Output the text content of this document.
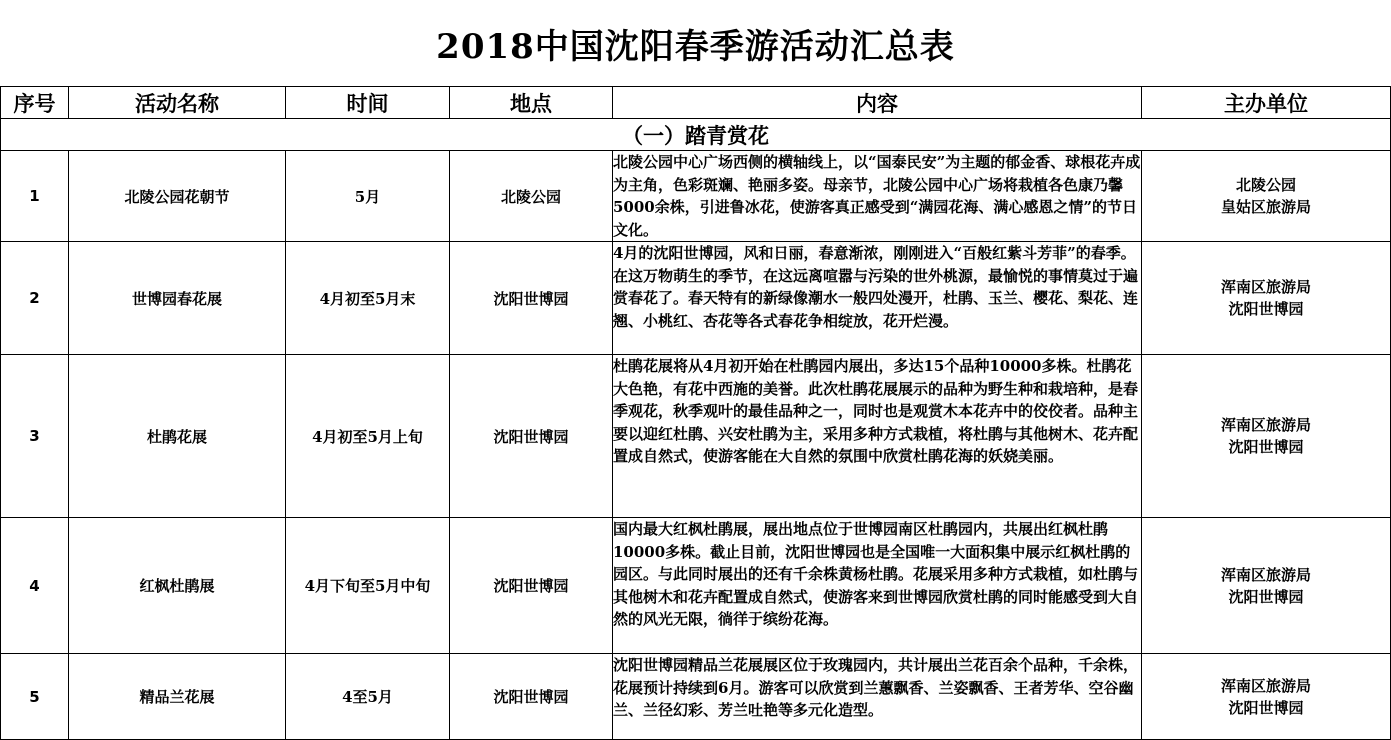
2018中国沈阳春季游活动汇总表
序号	活动名称	时间	地点	内容	主办单位
（一）踏青赏花					
1	北陵公园花朝节	5月	北陵公园	北陵公园中心广场西侧的横轴线上，以“国泰民安”为主题的郁金香、球根花卉成为主角，色彩斑斓、艳丽多姿。母亲节，北陵公园中心广场将栽植各色康乃馨5000余株，引进鲁冰花，使游客真正感受到“满园花海、满心感恩之情”的节日文化。	北陵公园
皇姑区旅游局

2	世博园春花展	4月初至5月末	沈阳世博园	4月的沈阳世博园，风和日丽，春意渐浓，刚刚进入“百般红紫斗芳菲”的春季。在这万物萌生的季节，在这远离喧嚣与污染的世外桃源，最愉悦的事情莫过于遍赏春花了。春天特有的新绿像潮水一般四处漫开，杜鹃、玉兰、樱花、梨花、连翘、小桃红、杏花等各式春花争相绽放，花开烂漫。	浑南区旅游局
沈阳世博园

3	杜鹃花展	4月初至5月上旬	沈阳世博园	杜鹃花展将从4月初开始在杜鹃园内展出，多达15个品种10000多株。杜鹃花大色艳，有花中西施的美誉。此次杜鹃花展展示的品种为野生种和栽培种，是春季观花，秋季观叶的最佳品种之一，同时也是观赏木本花卉中的佼佼者。品种主要以迎红杜鹃、兴安杜鹃为主，采用多种方式栽植，将杜鹃与其他树木、花卉配置成自然式，使游客能在大自然的氛围中欣赏杜鹃花海的妖娆美丽。	浑南区旅游局
沈阳世博园

4	红枫杜鹃展	4月下旬至5月中旬	沈阳世博园	国内最大红枫杜鹃展，展出地点位于世博园南区杜鹃园内，共展出红枫杜鹃10000多株。截止目前，沈阳世博园也是全国唯一大面积集中展示红枫杜鹃的园区。与此同时展出的还有千余株黄杨杜鹃。花展采用多种方式栽植，如杜鹃与其他树木和花卉配置成自然式，使游客来到世博园欣赏杜鹃的同时能感受到大自然的风光无限，徜徉于缤纷花海。	浑南区旅游局
沈阳世博园

5	精品兰花展	4至5月	沈阳世博园	沈阳世博园精品兰花展展区位于玫瑰园内，共计展出兰花百余个品种，千余株，花展预计持续到6月。游客可以欣赏到兰蕙飘香、兰姿飘香、王者芳华、空谷幽兰、兰径幻彩、芳兰吐艳等多元化造型。	浑南区旅游局
沈阳世博园
